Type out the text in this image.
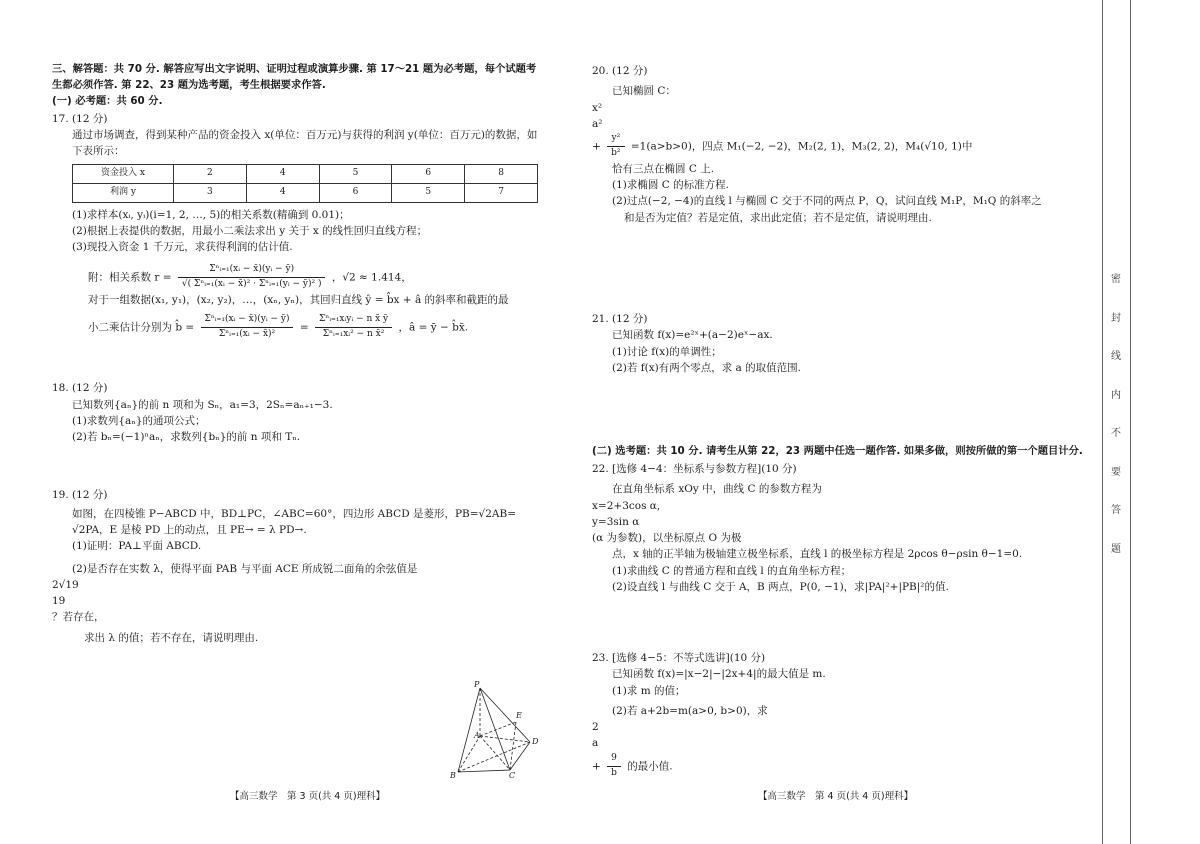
三、解答题：共 70 分. 解答应写出文字说明、证明过程或演算步骤. 第 17～21 题为必考题，每个试题考生都必须作答. 第 22、23 题为选考题，考生根据要求作答.

(一) 必考题：共 60 分.

17. (12 分)

通过市场调查，得到某种产品的资金投入 x(单位：百万元)与获得的利润 y(单位：百万元)的数据，如下表所示：

资金投入 x	2	4	5	6	8
利润 y	3	4	6	5	7

(1)求样本(xᵢ, yᵢ)(i=1, 2, …, 5)的相关系数(精确到 0.01)；

(2)根据上表提供的数据，用最小二乘法求出 y 关于 x 的线性回归直线方程；

(3)现投入资金 1 千万元，求获得利润的估计值.

附：相关系数 $r = \frac{\text{Σⁿᵢ₌₁(xᵢ − x̄)(yᵢ − ȳ)}}{\text{√( Σⁿᵢ₌₁(xᵢ − x̄)² · Σⁿᵢ₌₁(yᵢ − ȳ)² )}}$ ，√2 ≈ 1.414，

对于一组数据(x₁, y₁)，(x₂, y₂)，…，(xₙ, yₙ)，其回归直线 ŷ = b̂x + â 的斜率和截距的最

小二乘估计分别为 b̂ = $\frac{\text{Σⁿᵢ₌₁(xᵢ − x̄)(yᵢ − ȳ)}}{\text{Σⁿᵢ₌₁(xᵢ − x̄)²}} = \frac{\text{Σⁿᵢ₌₁xᵢyᵢ − n x̄ ȳ}}{\text{Σⁿᵢ₌₁xᵢ² − n x̄²}}$ ，â = ȳ − b̂x̄.

18. (12 分)

已知数列{aₙ}的前 n 项和为 Sₙ，a₁=3，2Sₙ=aₙ₊₁−3.

(1)求数列{aₙ}的通项公式；

(2)若 bₙ=(−1)ⁿaₙ，求数列{bₙ}的前 n 项和 Tₙ.

19. (12 分)

如图，在四棱锥 P−ABCD 中，BD⊥PC，∠ABC=60°，四边形 ABCD 是菱形，PB=√2AB=

√2PA，E 是棱 PD 上的动点，且 PE→ = λ PD→.

(1)证明：PA⊥平面 ABCD.

(2)是否存在实数 λ，使得平面 PAB 与平面 ACE 所成锐二面角的余弦值是

2√19
19
？若存在，

求出 λ 的值；若不存在，请说明理由.

P
E
A
D
B	C

20. (12 分)

已知椭圆 C：

x²
a²
+ $\frac{\text{y²}}{\text{b²}} =1(a>b>0)$，四点 M₁(−2, −2)，M₂(2, 1)，M₃(2, 2)，M₄(√10, 1)中

恰有三点在椭圆 C 上.

(1)求椭圆 C 的标准方程.

(2)过点(−2, −4)的直线 l 与椭圆 C 交于不同的两点 P，Q，试问直线 M₁P，M₁Q 的斜率之

和是否为定值？若是定值，求出此定值；若不是定值，请说明理由.

21. (12 分)

已知函数 f(x)=e²ˣ+(a−2)eˣ−ax.

(1)讨论 f(x)的单调性；

(2)若 f(x)有两个零点，求 a 的取值范围.

(二) 选考题：共 10 分. 请考生从第 22，23 两题中任选一题作答. 如果多做，则按所做的第一个题目计分.

22. [选修 4−4：坐标系与参数方程](10 分)

在直角坐标系 xOy 中，曲线 C 的参数方程为

x=2+3cos α,
y=3sin α
(α 为参数)，以坐标原点 O 为极

点，x 轴的正半轴为极轴建立极坐标系，直线 l 的极坐标方程是 2ρcos θ−ρsin θ−1=0.

(1)求曲线 C 的普通方程和直线 l 的直角坐标方程；

(2)设直线 l 与曲线 C 交于 A，B 两点，P(0, −1)，求|PA|²+|PB|²的值.

23. [选修 4−5：不等式选讲](10 分)

已知函数 f(x)=|x−2|−|2x+4|的最大值是 m.

(1)求 m 的值；

(2)若 a+2b=m(a>0, b>0)，求

2
a
+ $\frac{9}{b}$ 的最小值.

【高三数学　第 3 页(共 4 页)理科】	【高三数学　第 4 页(共 4 页)理科】
密
封
线
内
不
要
答
题
